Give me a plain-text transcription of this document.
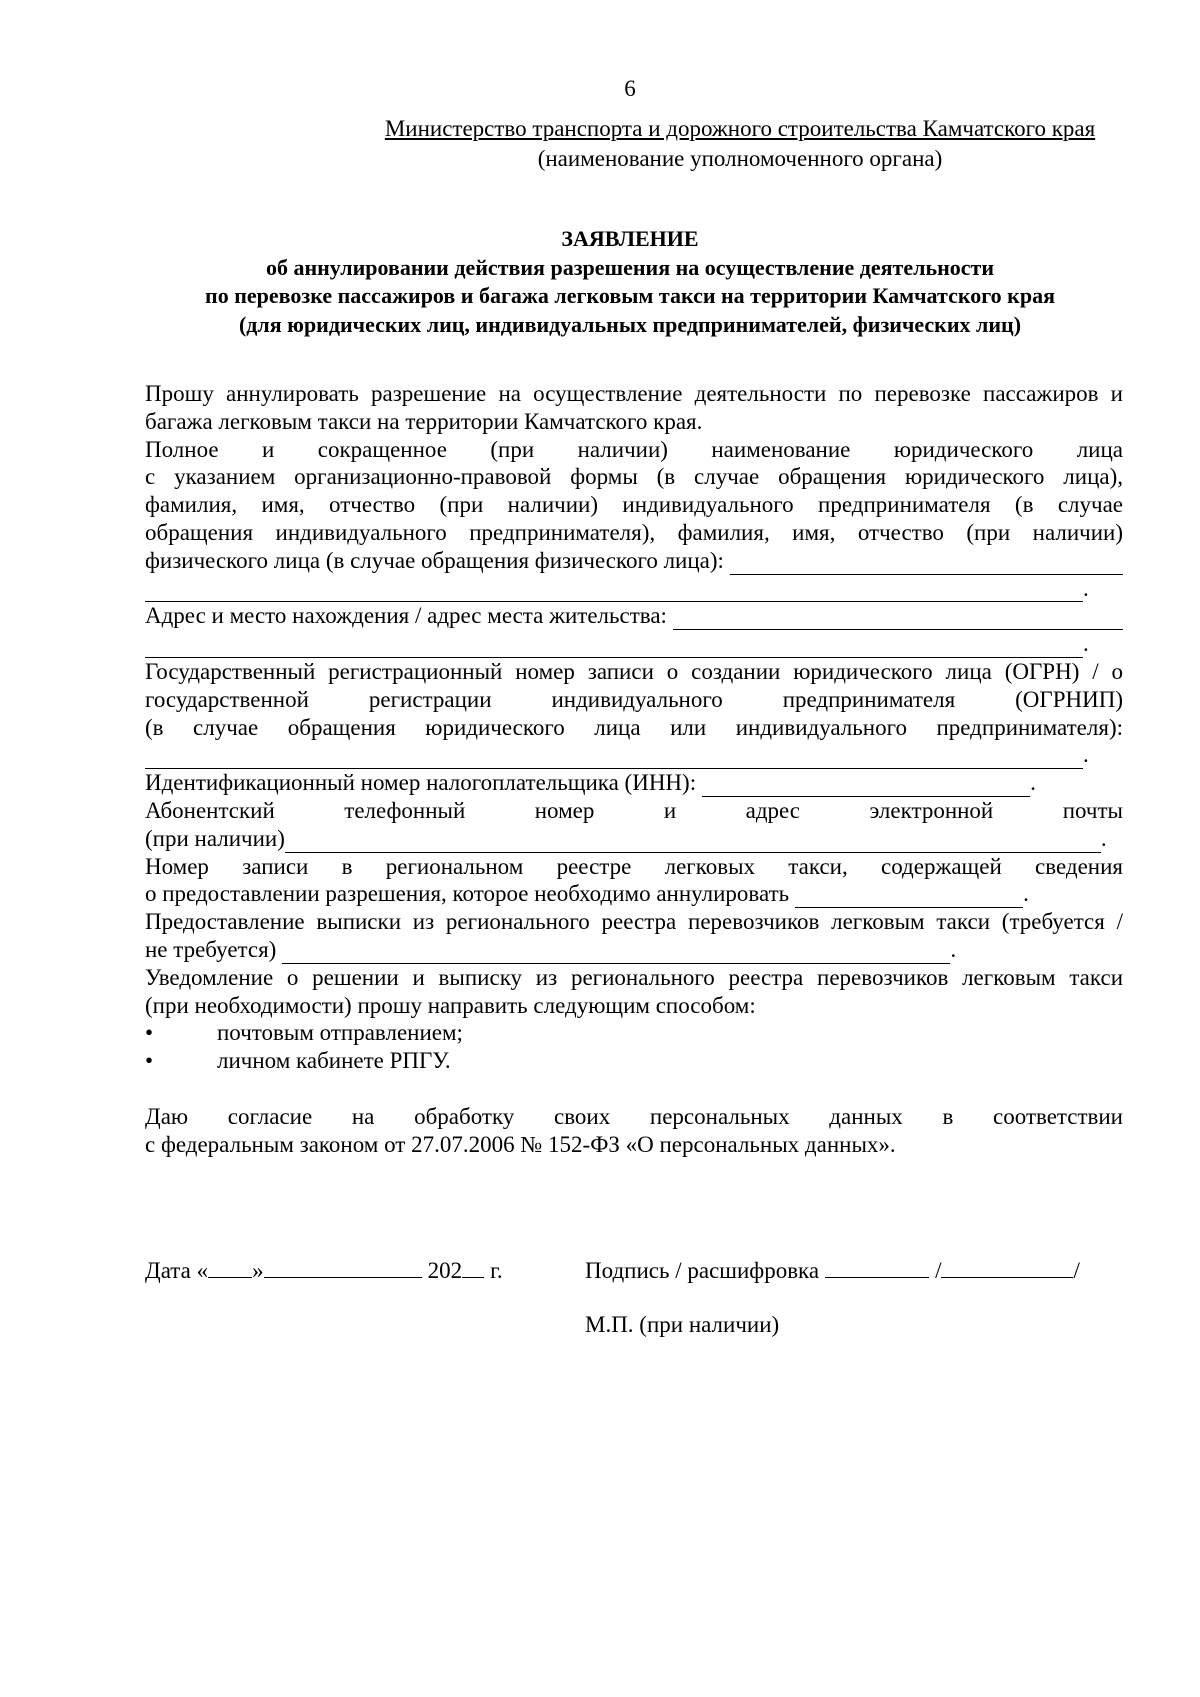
6
Министерство транспорта и дорожного строительства Камчатского края
(наименование уполномоченного органа)
ЗАЯВЛЕНИЕ
об аннулировании действия разрешения на осуществление деятельности
по перевозке пассажиров и багажа легковым такси на территории Камчатского края
(для юридических лиц, индивидуальных предпринимателей, физических лиц)
Прошу аннулировать разрешение на осуществление деятельности по перевозке пассажиров и
багажа легковым такси на территории Камчатского края.
Полное и сокращенное (при наличии) наименование юридического лица
с указанием организационно-правовой формы (в случае обращения юридического лица),
фамилия, имя, отчество (при наличии) индивидуального предпринимателя (в случае
обращения индивидуального предпринимателя), фамилия, имя, отчество (при наличии)
физического лица (в случае обращения физического лица):
.
Адрес и место нахождения / адрес места жительства:
.
Государственный регистрационный номер записи о создании юридического лица (ОГРН) / о
государственной регистрации индивидуального предпринимателя (ОГРНИП)
(в случае обращения юридического лица или индивидуального предпринимателя):
.
Идентификационный номер налогоплательщика (ИНН):	.
Абонентский телефонный номер и адрес электронной почты
(при наличии)	.
Номер записи в региональном реестре легковых такси, содержащей сведения
о предоставлении разрешения, которое необходимо аннулировать	.
Предоставление выписки из регионального реестра перевозчиков легковым такси (требуется /
не требуется)	.
Уведомление о решении и выписку из регионального реестра перевозчиков легковым такси
(при необходимости) прошу направить следующим способом:
•	почтовым отправлением;
•	личном кабинете РПГУ.
Даю согласие на обработку своих персональных данных в соответствии
с федеральным законом от 27.07.2006 № 152-ФЗ «О персональных данных».
Дата « »	202 г.	Подпись / расшифровка	/	/
М.П. (при наличии)
